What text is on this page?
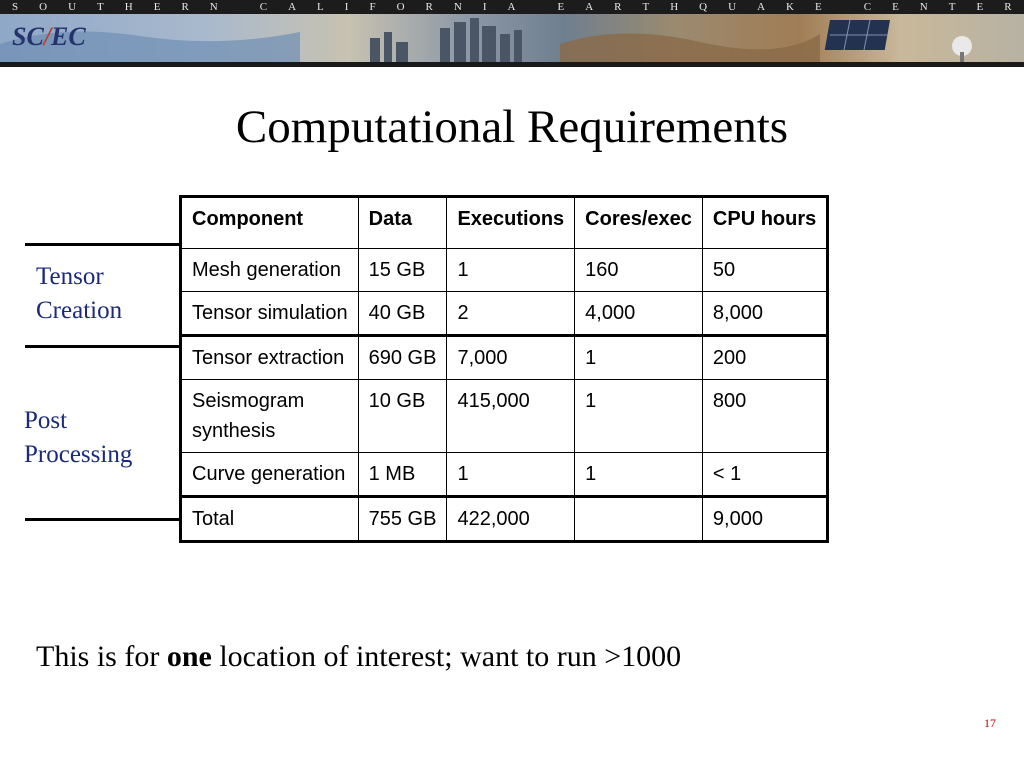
S O U T H E R N	C A L I F O R N I A	E A R T H Q U A K E	C E N T E R
SC/EC
Computational Requirements
Tensor
Creation
Post
Processing
Component	Data	Executions	Cores/exec	CPU hours
Mesh generation	15 GB	1	160	50
Tensor simulation	40 GB	2	4,000	8,000
Tensor extraction	690 GB	7,000	1	200
Seismogram
synthesis	10 GB	415,000	1	800
Curve generation	1 MB	1	1	< 1
Total	755 GB	422,000		9,000
This is for one location of interest; want to run >1000
17
